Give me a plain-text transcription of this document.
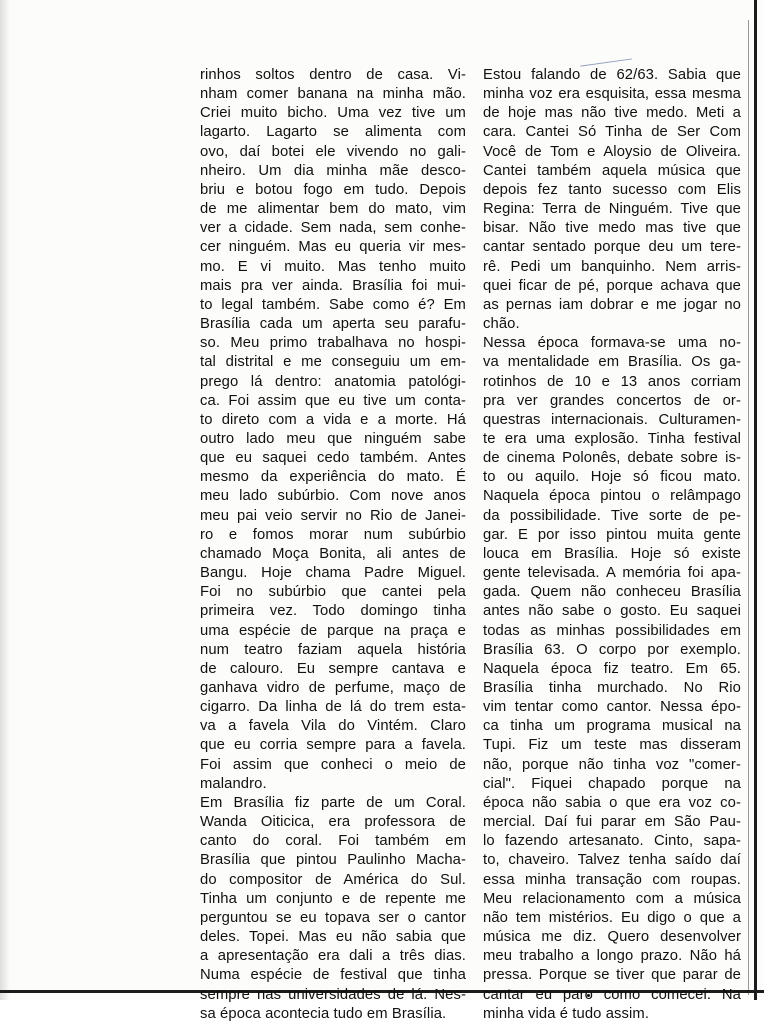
rinhos soltos dentro de casa. Vi-
nham comer banana na minha mão.
Criei muito bicho. Uma vez tive um
lagarto. Lagarto se alimenta com
ovo, daí botei ele vivendo no gali-
nheiro. Um dia minha mãe desco-
briu e botou fogo em tudo. Depois
de me alimentar bem do mato, vim
ver a cidade. Sem nada, sem conhe-
cer ninguém. Mas eu queria vir mes-
mo. E vi muito. Mas tenho muito
mais pra ver ainda. Brasília foi mui-
to legal também. Sabe como é? Em
Brasília cada um aperta seu parafu-
so. Meu primo trabalhava no hospi-
tal distrital e me conseguiu um em-
prego lá dentro: anatomia patológi-
ca. Foi assim que eu tive um conta-
to direto com a vida e a morte. Há
outro lado meu que ninguém sabe
que eu saquei cedo também. Antes
mesmo da experiência do mato. É
meu lado subúrbio. Com nove anos
meu pai veio servir no Rio de Janei-
ro e fomos morar num subúrbio
chamado Moça Bonita, ali antes de
Bangu. Hoje chama Padre Miguel.
Foi no subúrbio que cantei pela
primeira vez. Todo domingo tinha
uma espécie de parque na praça e
num teatro faziam aquela história
de calouro. Eu sempre cantava e
ganhava vidro de perfume, maço de
cigarro. Da linha de lá do trem esta-
va a favela Vila do Vintém. Claro
que eu corria sempre para a favela.
Foi assim que conheci o meio de
malandro.
Em Brasília fiz parte de um Coral.
Wanda Oiticica, era professora de
canto do coral. Foi também em
Brasília que pintou Paulinho Macha-
do compositor de América do Sul.
Tinha um conjunto e de repente me
perguntou se eu topava ser o cantor
deles. Topei. Mas eu não sabia que
a apresentação era dali a três dias.
Numa espécie de festival que tinha
sempre nas universidades de lá. Nes-
sa época acontecia tudo em Brasília.
Estou falando de 62/63. Sabia que
minha voz era esquisita, essa mesma
de hoje mas não tive medo. Meti a
cara. Cantei Só Tinha de Ser Com
Você de Tom e Aloysio de Oliveira.
Cantei também aquela música que
depois fez tanto sucesso com Elis
Regina: Terra de Ninguém. Tive que
bisar. Não tive medo mas tive que
cantar sentado porque deu um tere-
rê. Pedi um banquinho. Nem arris-
quei ficar de pé, porque achava que
as pernas iam dobrar e me jogar no
chão.
Nessa época formava-se uma no-
va mentalidade em Brasília. Os ga-
rotinhos de 10 e 13 anos corriam
pra ver grandes concertos de or-
questras internacionais. Culturamen-
te era uma explosão. Tinha festival
de cinema Polonês, debate sobre is-
to ou aquilo. Hoje só ficou mato.
Naquela época pintou o relâmpago
da possibilidade. Tive sorte de pe-
gar. E por isso pintou muita gente
louca em Brasília. Hoje só existe
gente televisada. A memória foi apa-
gada. Quem não conheceu Brasília
antes não sabe o gosto. Eu saquei
todas as minhas possibilidades em
Brasília 63. O corpo por exemplo.
Naquela época fiz teatro. Em 65.
Brasília tinha murchado. No Rio
vim tentar como cantor. Nessa épo-
ca tinha um programa musical na
Tupi. Fiz um teste mas disseram
não, porque não tinha voz "comer-
cial". Fiquei chapado porque na
época não sabia o que era voz co-
mercial. Daí fui parar em São Pau-
lo fazendo artesanato. Cinto, sapa-
to, chaveiro. Talvez tenha saído daí
essa minha transação com roupas.
Meu relacionamento com a música
não tem mistérios. Eu digo o que a
música me diz. Quero desenvolver
meu trabalho a longo prazo. Não há
pressa. Porque se tiver que parar de
cantar eu paro como comecei. Na
minha vida é tudo assim.
